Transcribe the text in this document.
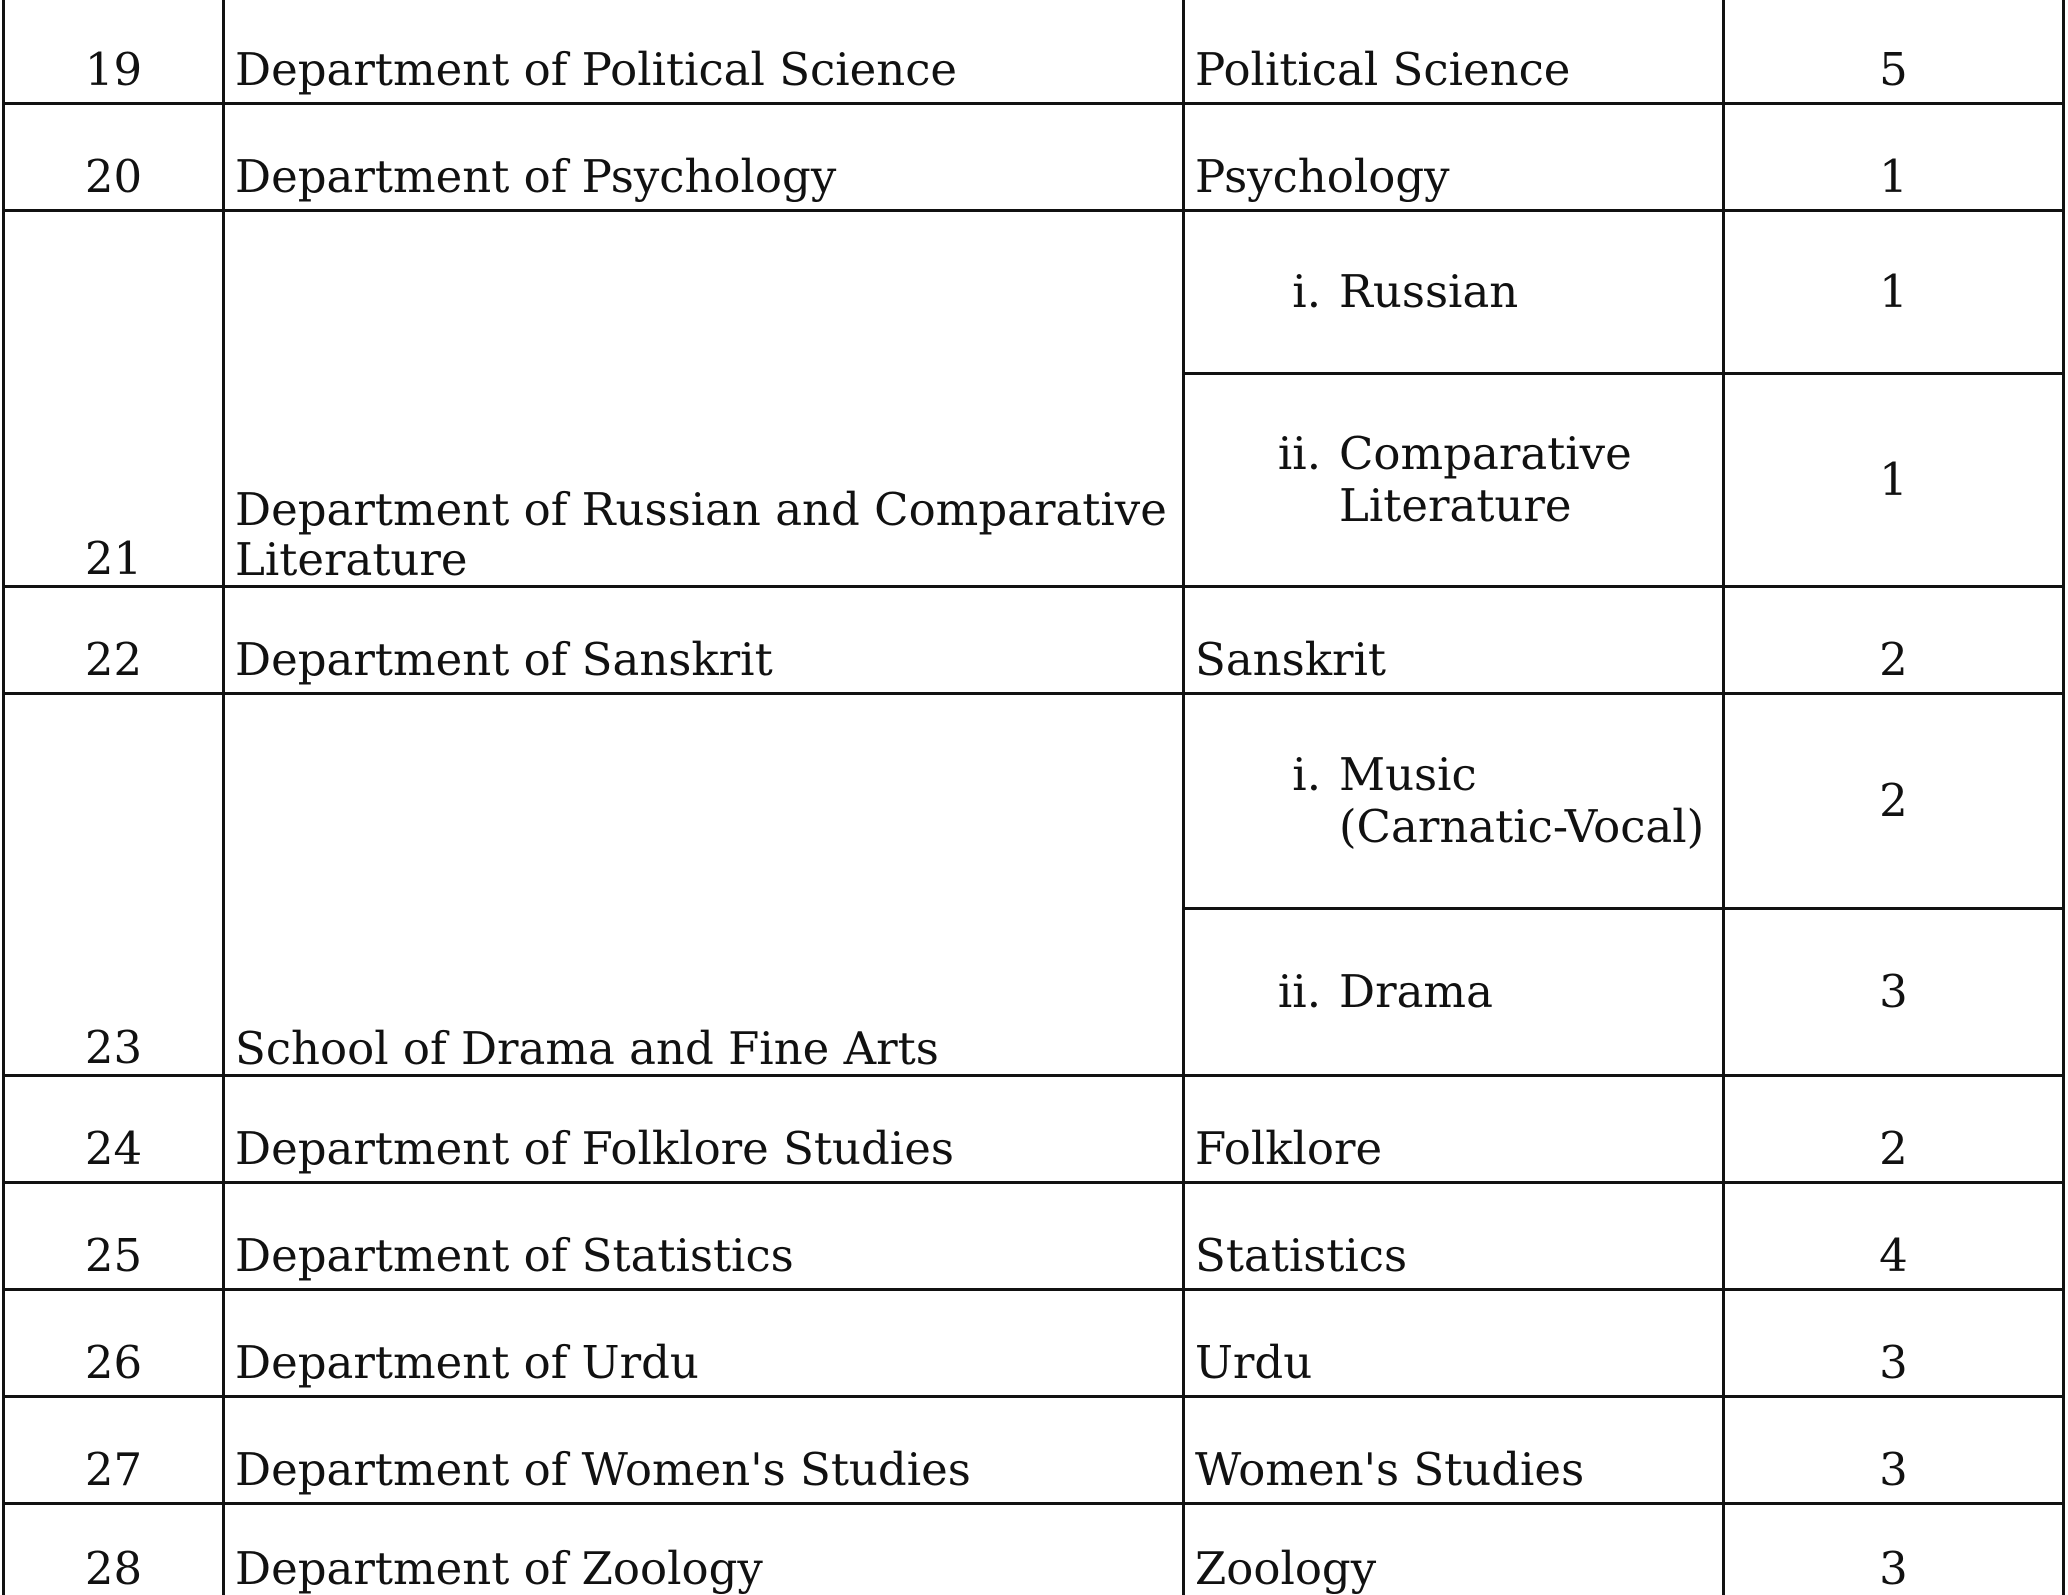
19	Department of Political Science	Political Science	5
20	Department of Psychology	Psychology	1
21	Department of Russian and Comparative Literature	i. Russian	1

		ii. Comparative Literature	1
22	Department of Sanskrit	Sanskrit	2
23	School of Drama and Fine Arts	i. Music (Carnatic-Vocal)	2

		ii. Drama	3
24	Department of Folklore Studies	Folklore	2
25	Department of Statistics	Statistics	4
26	Department of Urdu	Urdu	3
27	Department of Women's Studies	Women's Studies	3
28	Department of Zoology	Zoology	3
